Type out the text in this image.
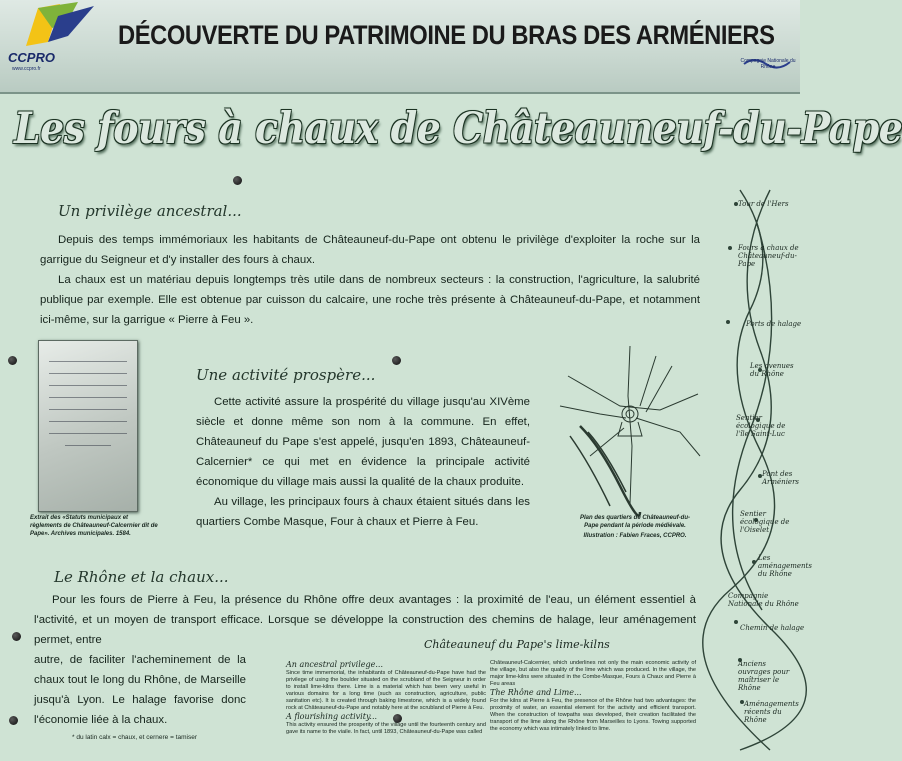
CCPRO
www.ccpro.fr
DÉCOUVERTE DU PATRIMOINE DU BRAS DES ARMÉNIERS
Compagnie Nationale du Rhône
Les fours à chaux de Châteauneuf-du-Pape
Un privilège ancestral...

Depuis des temps immémoriaux les habitants de Châteauneuf-du-Pape ont obtenu le privilège d'exploiter la roche sur la garrigue du Seigneur et d'y installer des fours à chaux.

La chaux est un matériau depuis longtemps très utile dans de nombreux secteurs : la construction, l'agriculture, la salubrité publique par exemple. Elle est obtenue par cuisson du calcaire, une roche très présente à Châteauneuf-du-Pape, et notamment ici-même, sur la garrigue « Pierre à Feu ».

Extrait des «Statuts municipaux et règlements de Châteauneuf-Calcernier dit de Pape». Archives municipales. 1584.
Une activité prospère...

Cette activité assure la prospérité du village jusqu'au XIVème siècle et donne même son nom à la commune. En effet, Châteauneuf du Pape s'est appelé, jusqu'en 1893, Châteauneuf-Calcernier* ce qui met en évidence la principale activité économique du village mais aussi la qualité de la chaux produite.

Au village, les principaux fours à chaux étaient situés dans les quartiers Combe Masque, Four à chaux et Pierre à Feu.	Plan des quartiers de Châteauneuf-du-Pape pendant la période médiévale.
Illustration : Fabien Fraces, CCPRO.
Tour de l'Hers
Fours à chaux de Châteauneuf-du-Pape
Ports de halage
Les avenues du Rhône
Sentier écologique de l'île Saint-Luc
Pont des Arméniers
Sentier écologique de l'Oiselet
Les aménagements du Rhône
Compagnie Nationale du Rhône
Chemin de halage
Anciens ouvrages pour maîtriser le Rhône
Aménagements récents du Rhône
Le Rhône et la chaux...

Pour les fours de Pierre à Feu, la présence du Rhône offre deux avantages : la proximité de l'eau, un élément essentiel à l'activité, et un moyen de transport efficace. Lorsque se développe la construction des chemins de halage, leur aménagement permet, entre

autre, de faciliter l'acheminement de la chaux tout le long du Rhône, de Marseille jusqu'à Lyon. Le halage favorise donc l'économie liée à la chaux.

Châteauneuf du Pape's lime-kilns
An ancestral privilege...
Since time immemorial, the inhabitants of Châteauneuf-du-Pape have had the privilege of using the boulder situated on the scrubland of the Seigneur in order to install lime-kilns there. Lime is a material which has been very useful in various domains for a long time (such as construction, agriculture, public sanitation etc). It is created through baking limestone, which is a widely found rock at Châteauneuf-du-Pape and notably here at the scrubland of Pierre à Feu.
A flourishing activity...
This activity ensured the prosperity of the village until the fourteenth century and gave its name to the viaile. In fact, until 1893, Châteauneuf-du-Pape was called
Châteauneuf-Calcernier, which underlines not only the main economic activity of the village, but also the quality of the lime which was produced. In the village, the major lime-kilns were situated in the Combe-Masque, Fours à Chaux and Pierre à Feu areas
The Rhône and Lime...
For the kilns at Pierre à Feu, the presence of the Rhône had two advantages: the proximity of water, an essential element for the activity and efficient transport. When the construction of towpaths was developed, their creation facilitated the transport of the lime along the Rhône from Marseilles to Lyons. Towing supported the economy which was intimately linked to lime.
* du latin calx = chaux, et cernere = tamiser
